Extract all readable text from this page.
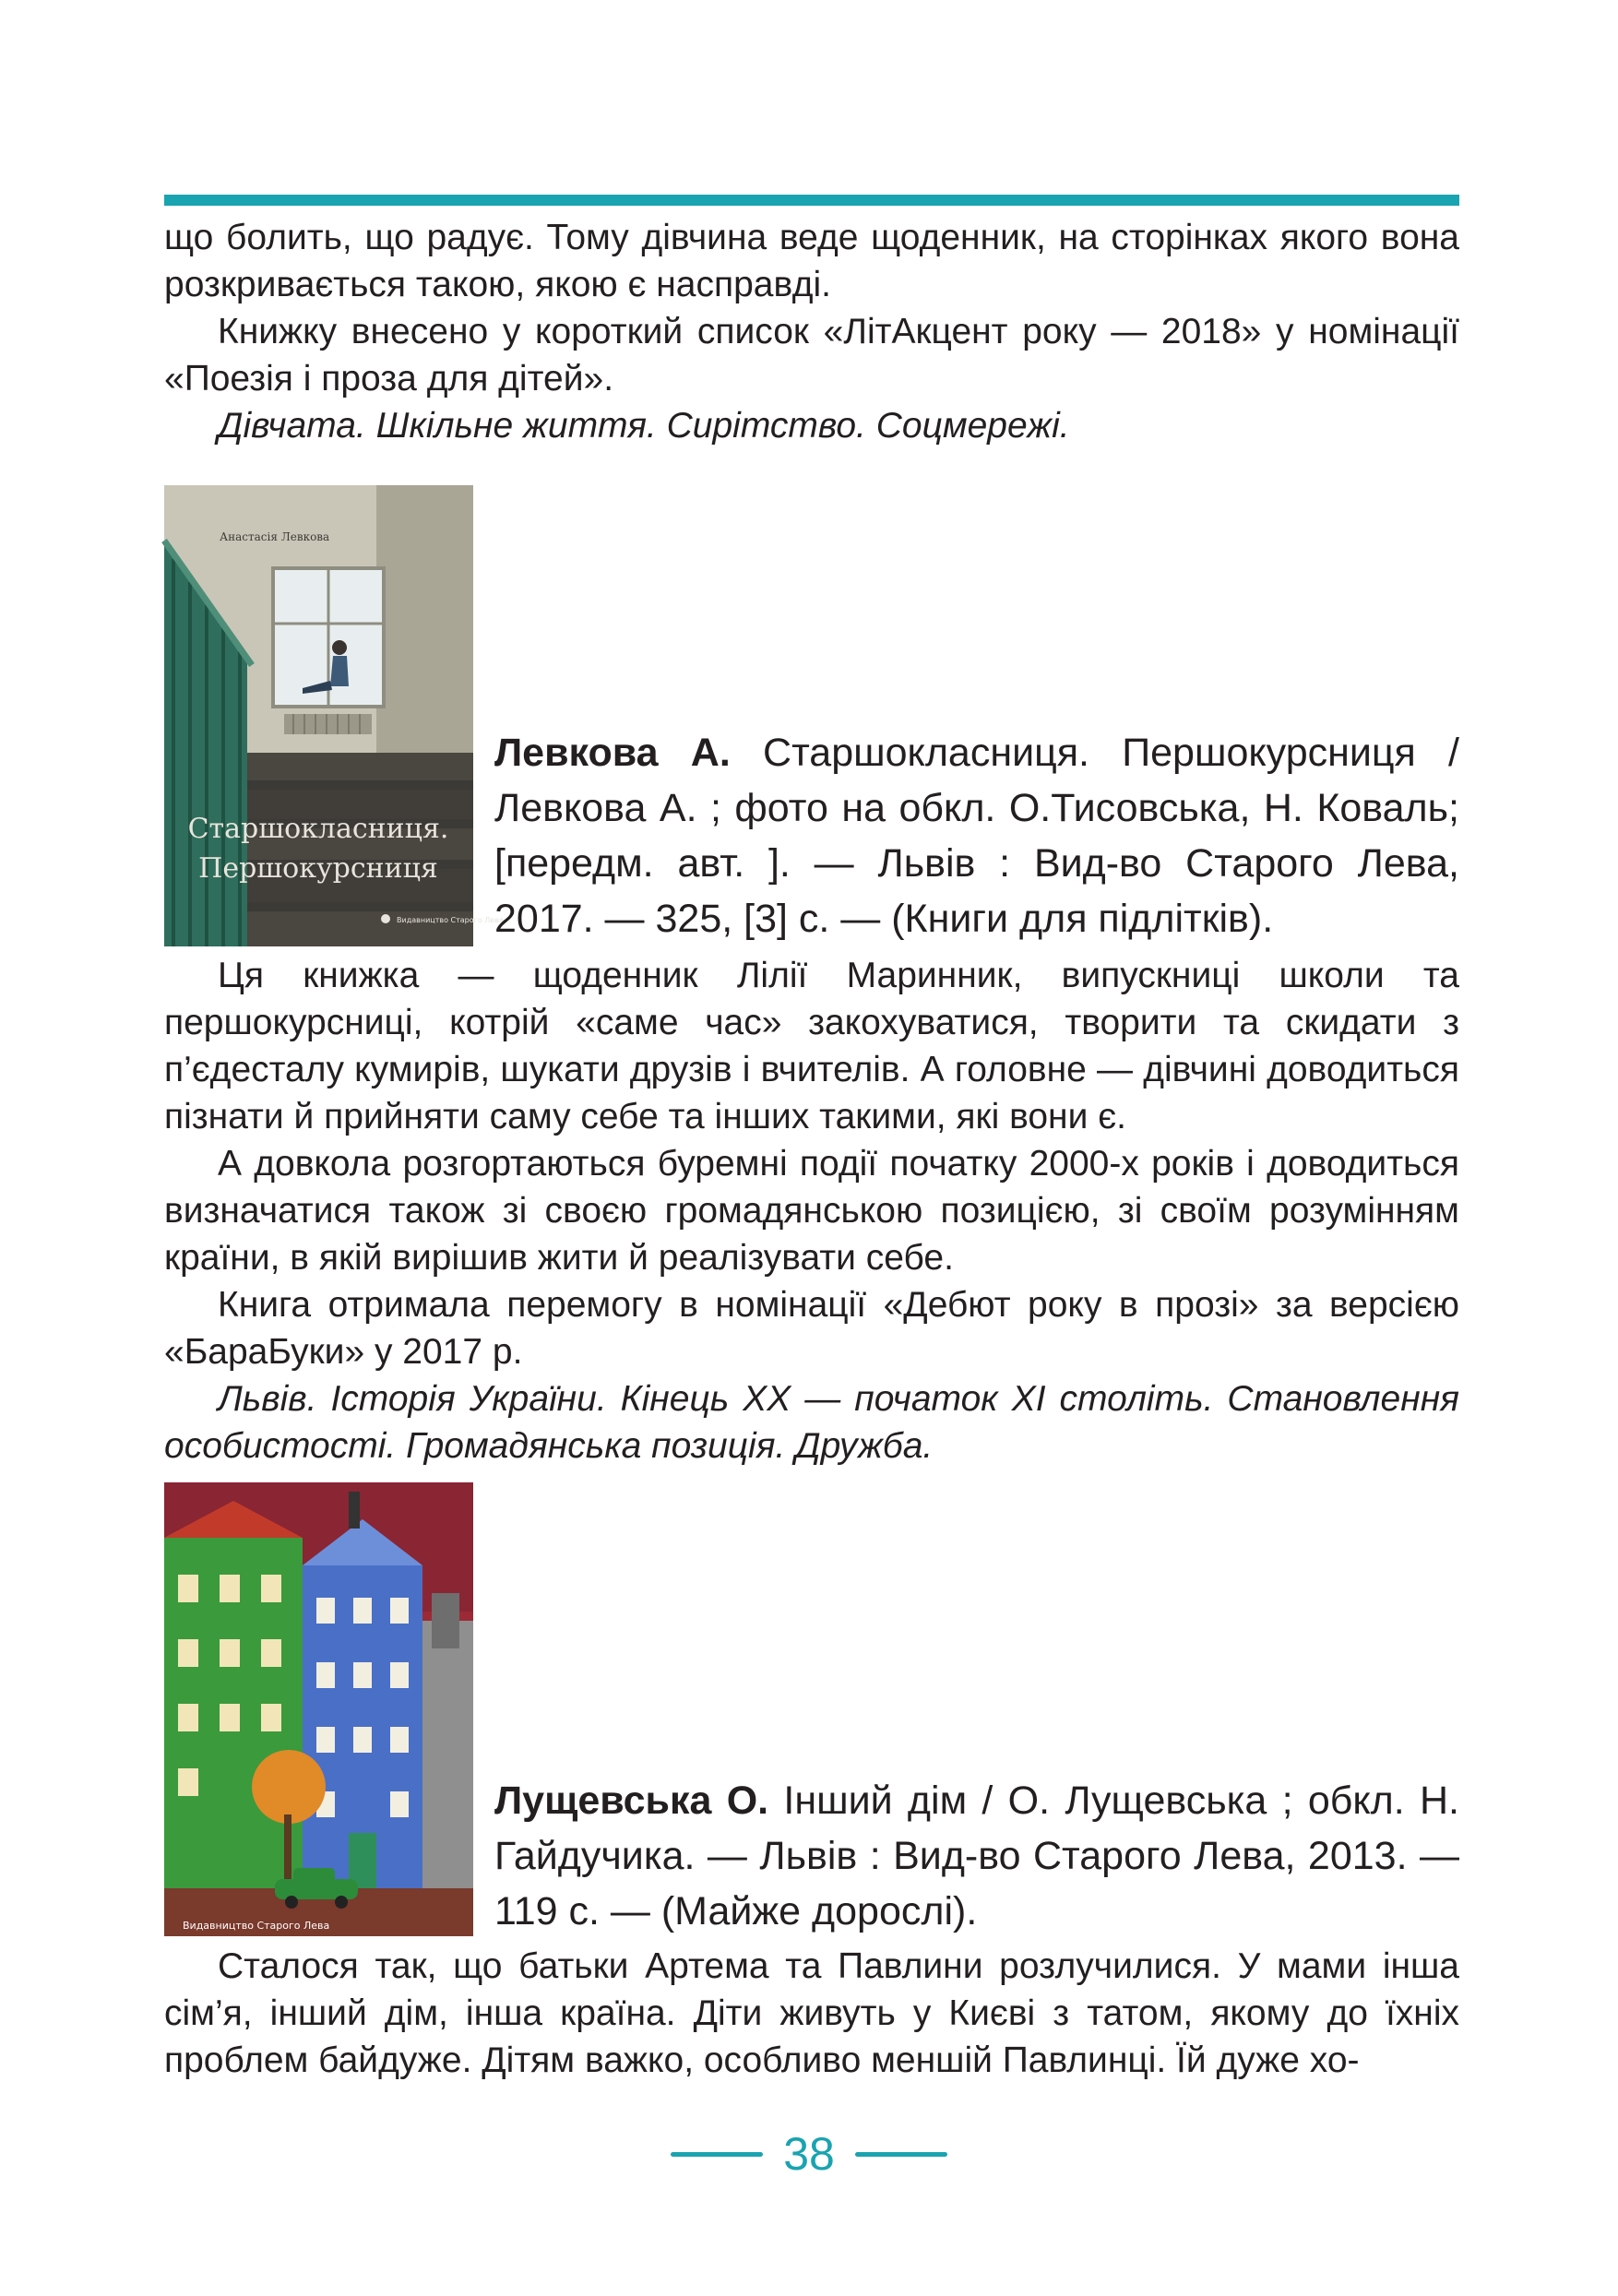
що болить, що радує. Тому дівчина веде щоденник, на сторінках якого вона розкривається такою, якою є насправді.

Книжку внесено у короткий список «ЛітАкцент року — 2018» у номінації «Поезія і проза для дітей».

Дівчата. Шкільне життя. Сирітство. Соцмережі.

Анастасія Левкова
Старшокласниця.
Першокурсниця
Видавництво Старого Лева

Левкова А. Старшокласниця. Першокурсниця / Левкова А. ; фото на обкл. О.Тисовська, Н. Коваль; [передм. авт. ]. — Львів : Вид-во Старого Лева, 2017. — 325, [3] с. — (Книги для підлітків).

Ця книжка — щоденник Лілії Маринник, випускниці школи та першокурсниці, котрій «саме час» закохуватися, творити та скидати з п’єдесталу кумирів, шукати друзів і вчителів. А головне — дівчині доводиться пізнати й прийняти саму себе та інших такими, які вони є.

А довкола розгортаються буремні події початку 2000-х років і доводиться визначатися також зі своєю громадянською позицією, зі своїм розумінням країни, в якій вирішив жити й реалізувати себе.

Книга отримала перемогу в номінації «Дебют року в прозі» за версією «БараБуки» у 2017 р.

Львів. Історія України. Кінець XX — початок XI століть. Становлення особистості. Громадянська позиція. Дружба.

Видавництво Старого Лева

Лущевська О. Інший дім / О. Лущевська ; обкл. Н. Гайдучика. — Львів : Вид-во Старого Лева, 2013. — 119 с. — (Майже дорослі).

Сталося так, що батьки Артема та Павлини розлучилися. У мами інша сім’я, інший дім, інша країна. Діти живуть у Києві з татом, якому до їхніх проблем байдуже. Дітям важко, особливо меншій Павлинці. Їй дуже хо-

38
